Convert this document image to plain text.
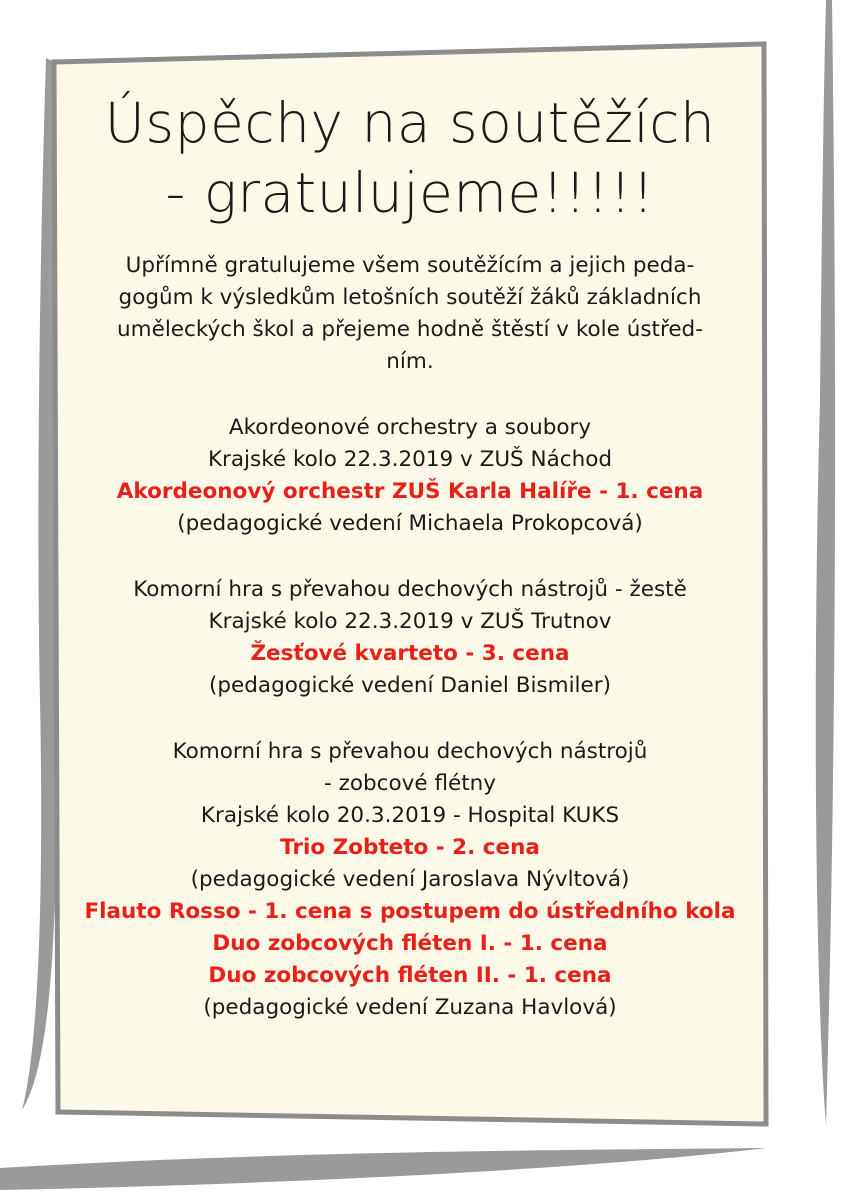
Úspěchy na soutěžích
- gratulujeme!!!!!
Upřímně gratulujeme všem soutěžícím a jejich peda-
gogům k výsledkům letošních soutěží žáků základních
uměleckých škol a přejeme hodně štěstí v kole ústřed-
ním.
Akordeonové orchestry a soubory
Krajské kolo 22.3.2019 v ZUŠ Náchod
Akordeonový orchestr ZUŠ Karla Halíře - 1. cena
(pedagogické vedení Michaela Prokopcová)
Komorní hra s převahou dechových nástrojů - žestě
Krajské kolo 22.3.2019 v ZUŠ Trutnov
Žesťové kvarteto - 3. cena
(pedagogické vedení Daniel Bismiler)
Komorní hra s převahou dechových nástrojů
- zobcové flétny
Krajské kolo 20.3.2019 - Hospital KUKS
Trio Zobteto - 2. cena
(pedagogické vedení Jaroslava Nývltová)
Flauto Rosso - 1. cena s postupem do ústředního kola
Duo zobcových fléten I. - 1. cena
Duo zobcových fléten II. - 1. cena
(pedagogické vedení Zuzana Havlová)
